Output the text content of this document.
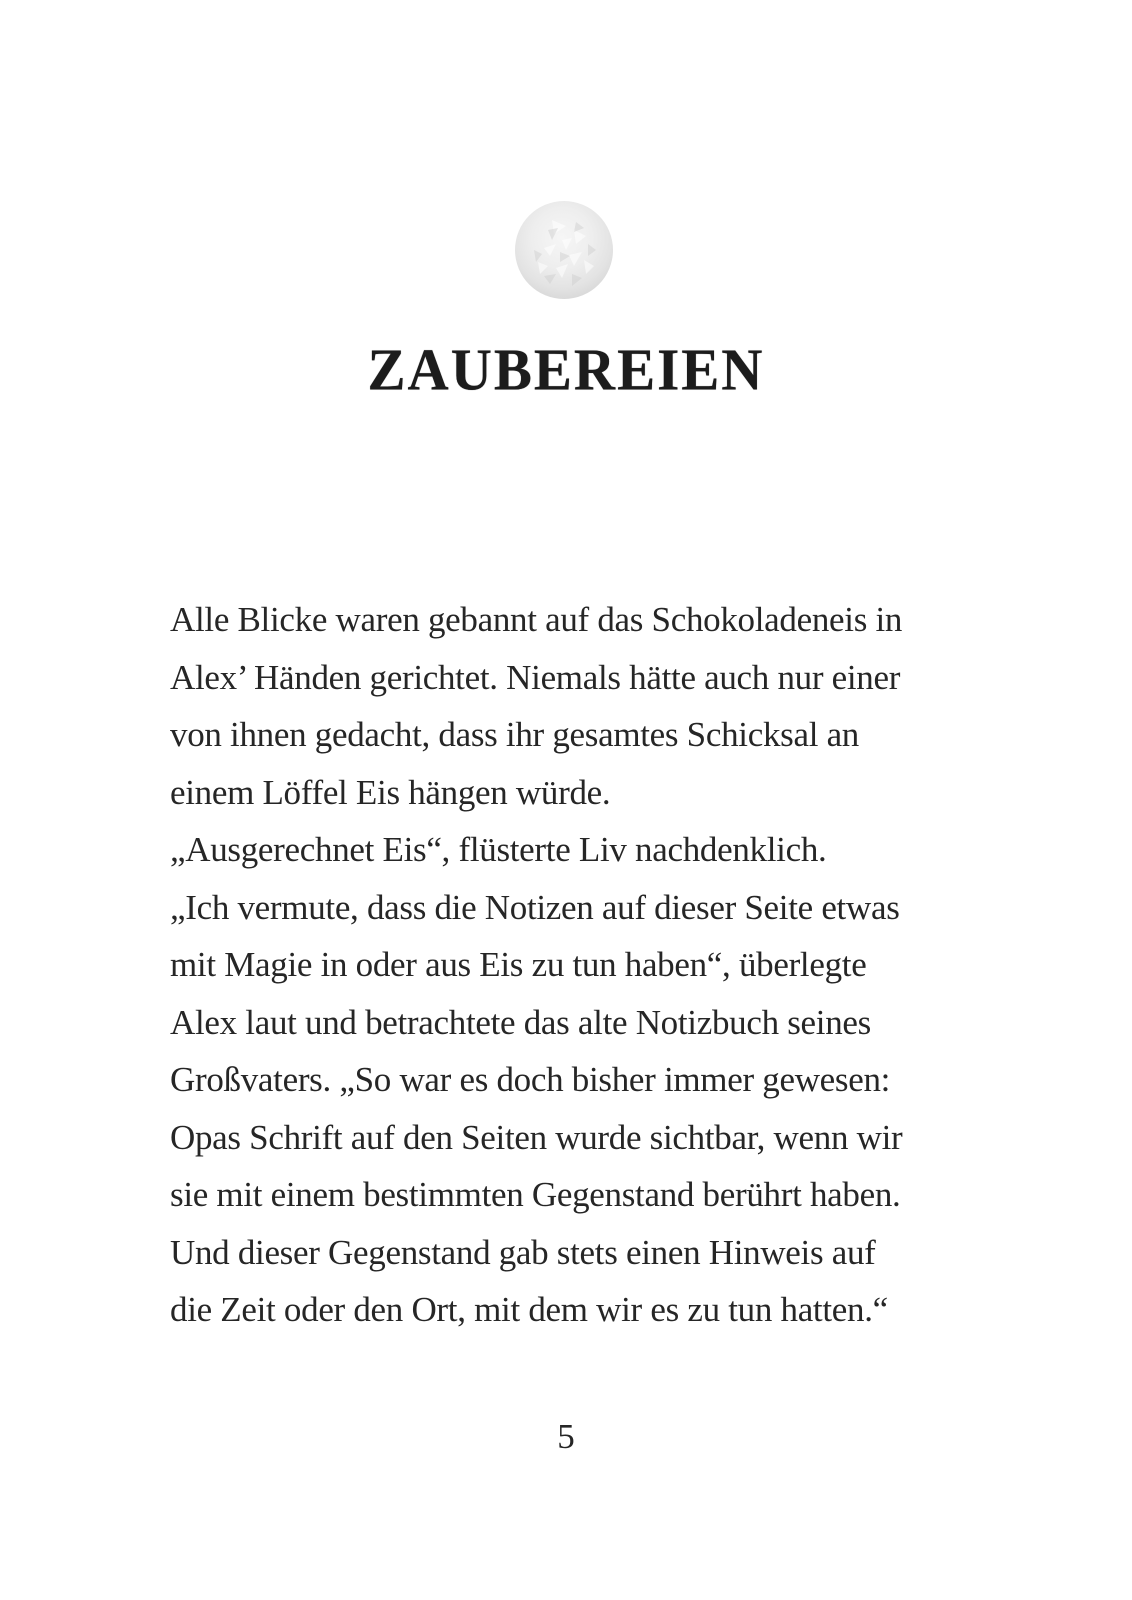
ZAUBEREIEN
Alle Blicke waren gebannt auf das Schokoladeneis in
Alex’ Händen gerichtet. Niemals hätte auch nur einer
von ihnen gedacht, dass ihr gesamtes Schicksal an
einem Löffel Eis hängen würde.
„Ausgerechnet Eis“, flüsterte Liv nachdenklich.
„Ich vermute, dass die Notizen auf dieser Seite etwas
mit Magie in oder aus Eis zu tun haben“, überlegte
Alex laut und betrachtete das alte Notizbuch seines
Großvaters. „So war es doch bisher immer gewesen:
Opas Schrift auf den Seiten wurde sichtbar, wenn wir
sie mit einem bestimmten Gegenstand berührt haben.
Und dieser Gegenstand gab stets einen Hinweis auf
die Zeit oder den Ort, mit dem wir es zu tun hatten.“
5
